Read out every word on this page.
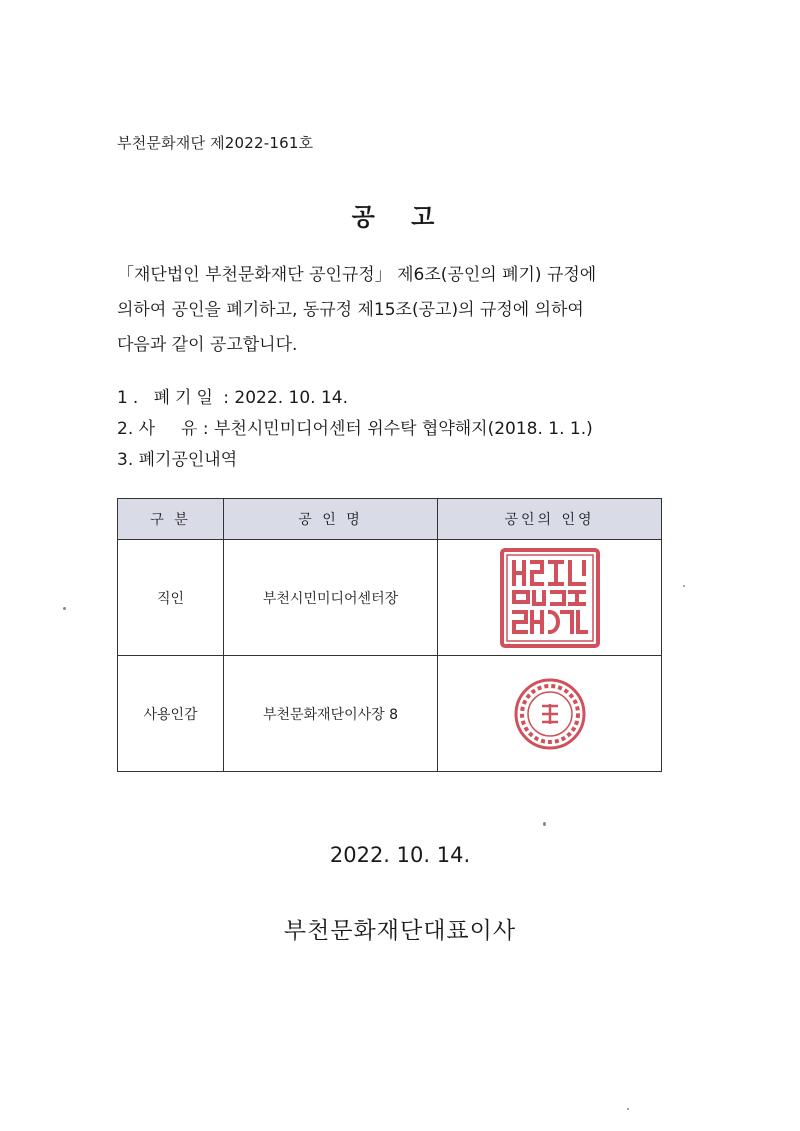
부천문화재단 제2022-161호
공 고
「재단법인 부천문화재단 공인규정」 제6조(공인의 폐기) 규정에
의하여 공인을 폐기하고, 동규정 제15조(공고)의 규정에 의하여
다음과 같이 공고합니다.
1. 폐기일 : 2022. 10. 14.
2. 사 유 : 부천시민미디어센터 위수탁 협약해지(2018. 1. 1.)
3. 폐기공인내역
구 분	공 인 명	공인의 인영
직인	부천시민미디어센터장	

사용인감	부천문화재단이사장 8	
2022. 10. 14.
부천문화재단대표이사
